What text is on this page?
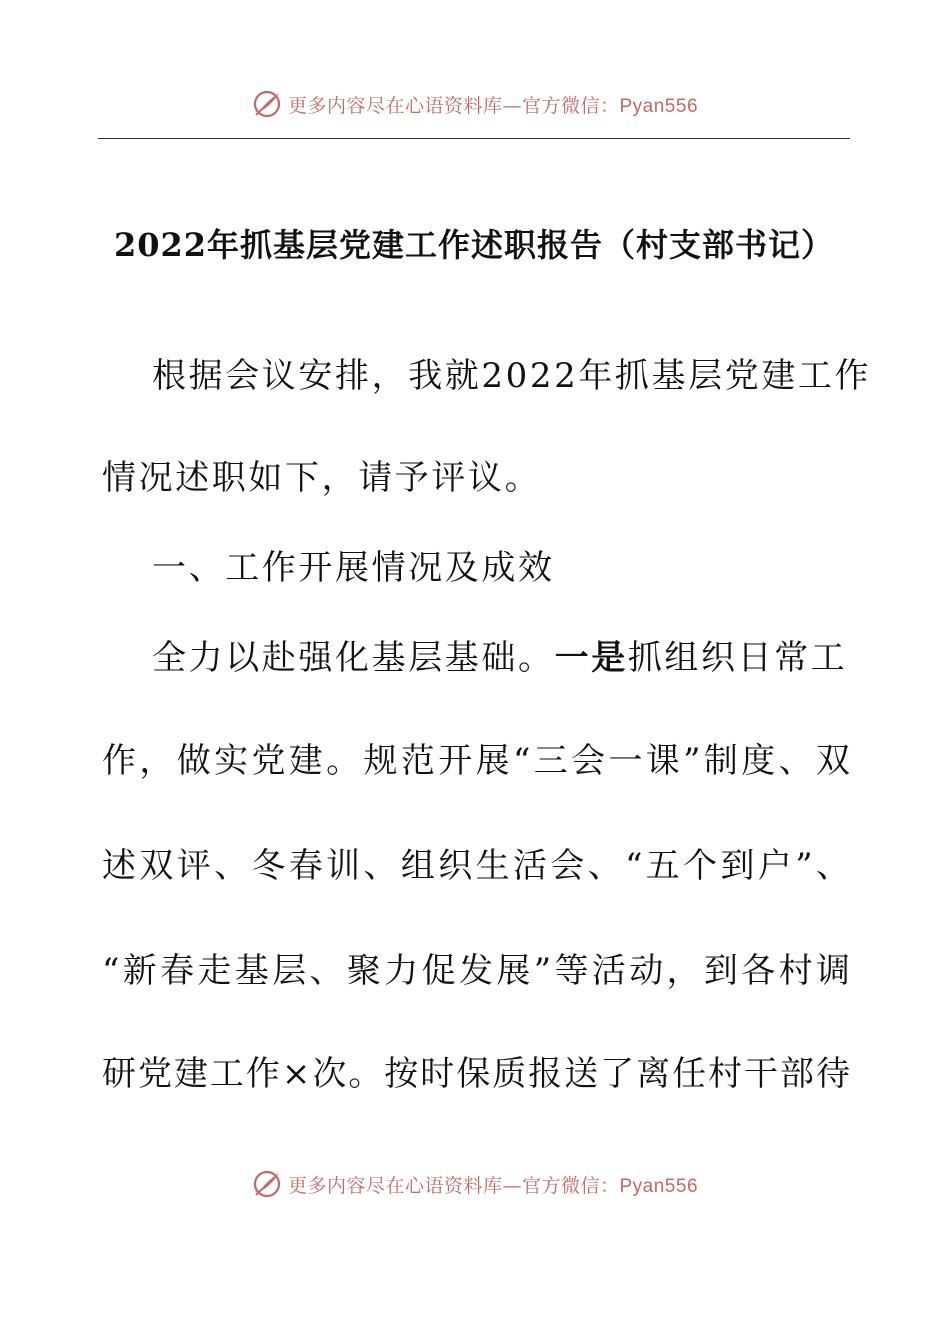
更多内容尽在心语资料库—官方微信：Pyan556
2022年抓基层党建工作述职报告（村支部书记）
根据会议安排，我就2022年抓基层党建工作
情况述职如下，请予评议。
一、工作开展情况及成效
全力以赴强化基层基础。一是抓组织日常工
作，做实党建。规范开展“三会一课”制度、双
述双评、冬春训、组织生活会、“五个到户”、
“新春走基层、聚力促发展”等活动，到各村调
研党建工作×次。按时保质报送了离任村干部待
更多内容尽在心语资料库—官方微信：Pyan556
